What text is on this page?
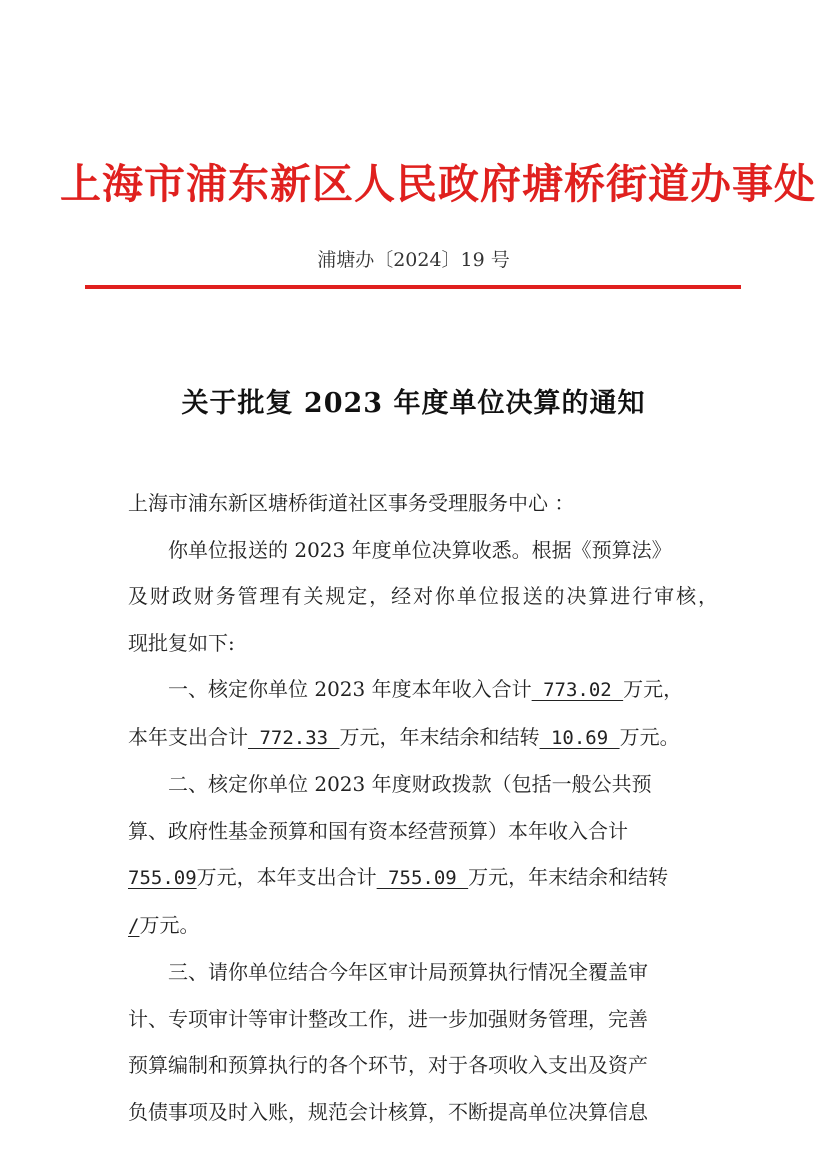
上海市浦东新区人民政府塘桥街道办事处
浦塘办〔2024〕19 号
关于批复 2023 年度单位决算的通知
上海市浦东新区塘桥街道社区事务受理服务中心 ：
你单位报送的 2023 年度单位决算收悉。根据《预算法》
及财政财务管理有关规定，经对你单位报送的决算进行审核，
现批复如下:
一、核定你单位 2023 年度本年收入合计 773.02 万元，
本年支出合计 772.33 万元，年末结余和结转 10.69 万元。
二、核定你单位 2023 年度财政拨款（包括一般公共预
算、政府性基金预算和国有资本经营预算）本年收入合计
755.09万元，本年支出合计 755.09 万元，年末结余和结转
/万元。
三、请你单位结合今年区审计局预算执行情况全覆盖审
计、专项审计等审计整改工作，进一步加强财务管理，完善
预算编制和预算执行的各个环节，对于各项收入支出及资产
负债事项及时入账，规范会计核算，不断提高单位决算信息
